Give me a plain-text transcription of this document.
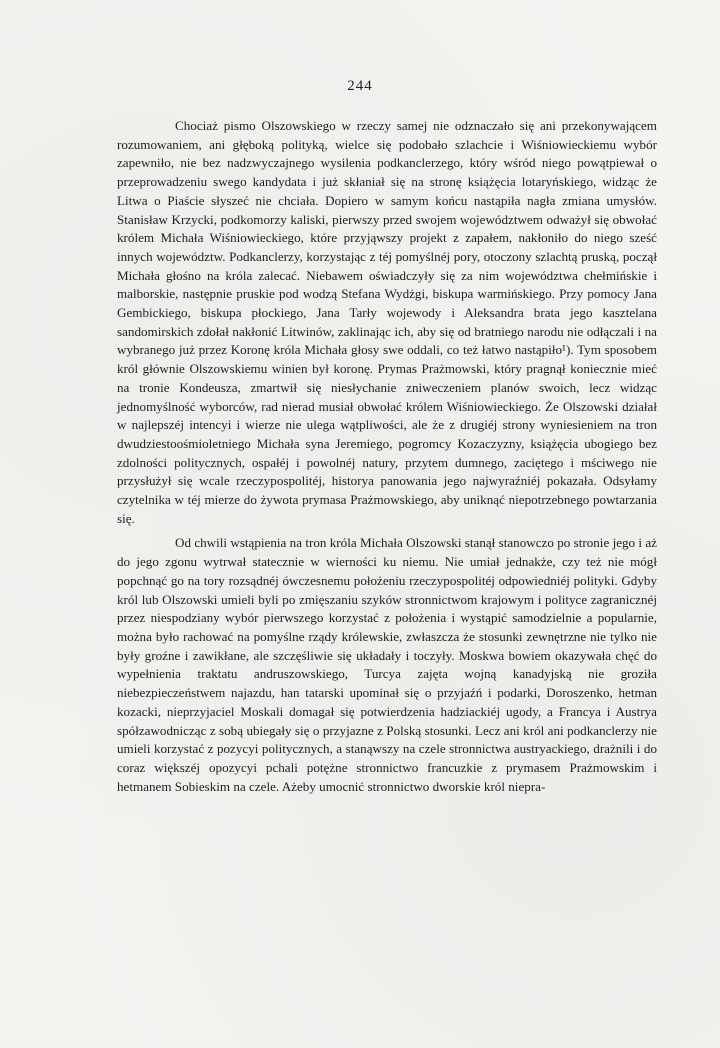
244

Chociaż pismo Olszowskiego w rzeczy samej nie odznaczało się ani przekonywającem rozumowaniem, ani głęboką polityką, wielce się podobało szlachcie i Wiśniowieckiemu wybór zapewniło, nie bez nadzwyczajnego wysilenia podkanclerzego, który wśród niego powątpiewał o przeprowadzeniu swego kandydata i już skłaniał się na stronę książęcia lotaryńskiego, widząc że Litwa o Piaście słyszeć nie chciała. Dopiero w samym końcu nastąpiła nagła zmiana umysłów. Stanisław Krzycki, podkomorzy kaliski, pierwszy przed swojem województwem odważył się obwołać królem Michała Wiśniowieckiego, które przyjąwszy projekt z zapałem, nakłoniło do niego sześć innych województw. Podkanclerzy, korzystając z téj pomyślnéj pory, otoczony szlachtą pruską, począł Michała głośno na króla zalecać. Niebawem oświadczyły się za nim województwa chełmińskie i malborskie, następnie pruskie pod wodzą Stefana Wydżgi, biskupa warmińskiego. Przy pomocy Jana Gembickiego, biskupa płockiego, Jana Tarły wojewody i Aleksandra brata jego kasztelana sandomirskich zdołał nakłonić Litwinów, zaklinając ich, aby się od bratniego narodu nie odłączali i na wybranego już przez Koronę króla Michała głosy swe oddali, co też łatwo nastąpiło¹). Tym sposobem król głównie Olszowskiemu winien był koronę. Prymas Prażmowski, który pragnął koniecznie mieć na tronie Kondeusza, zmartwił się niesłychanie zniweczeniem planów swoich, lecz widząc jednomyślność wyborców, rad nierad musiał obwołać królem Wiśniowieckiego. Że Olszowski działał w najlepszéj intencyi i wierze nie ulega wątpliwości, ale że z drugiéj strony wyniesieniem na tron dwudziestoośmioletniego Michała syna Jeremiego, pogromcy Kozaczyzny, książęcia ubogiego bez zdolności politycznych, ospałéj i powolnéj natury, przytem dumnego, zaciętego i mściwego nie przysłużył się wcale rzeczypospolitéj, historya panowania jego najwyraźniéj pokazała. Odsyłamy czytelnika w téj mierze do żywota prymasa Prażmowskiego, aby uniknąć niepotrzebnego powtarzania się.

Od chwili wstąpienia na tron króla Michała Olszowski stanął stanowczo po stronie jego i aż do jego zgonu wytrwał statecznie w wierności ku niemu. Nie umiał jednakże, czy też nie mógł popchnąć go na tory rozsądnéj ówczesnemu położeniu rzeczypospolitéj odpowiedniéj polityki. Gdyby król lub Olszowski umieli byli po zmięszaniu szyków stronnictwom krajowym i polityce zagranicznéj przez niespodziany wybór pierwszego korzystać z położenia i wystąpić samodzielnie a popularnie, można było rachować na pomyślne rządy królewskie, zwłaszcza że stosunki zewnętrzne nie tylko nie były groźne i zawikłane, ale szczęśliwie się układały i toczyły. Moskwa bowiem okazywała chęć do wypełnienia traktatu andruszowskiego, Turcya zajęta wojną kanadyjską nie groziła niebezpieczeństwem najazdu, han tatarski upominał się o przyjaźń i podarki, Doroszenko, hetman kozacki, nieprzyjaciel Moskali domagał się potwierdzenia hadziackiéj ugody, a Francya i Austrya spółzawodnicząc z sobą ubiegały się o przyjazne z Polską stosunki. Lecz ani król ani podkanclerzy nie umieli korzystać z pozycyi politycznych, a stanąwszy na czele stronnictwa austryackiego, drażnili i do coraz większéj opozycyi pchali potężne stronnictwo francuzkie z prymasem Prażmowskim i hetmanem Sobieskim na czele. Ażeby umocnić stronnictwo dworskie król niepra-
